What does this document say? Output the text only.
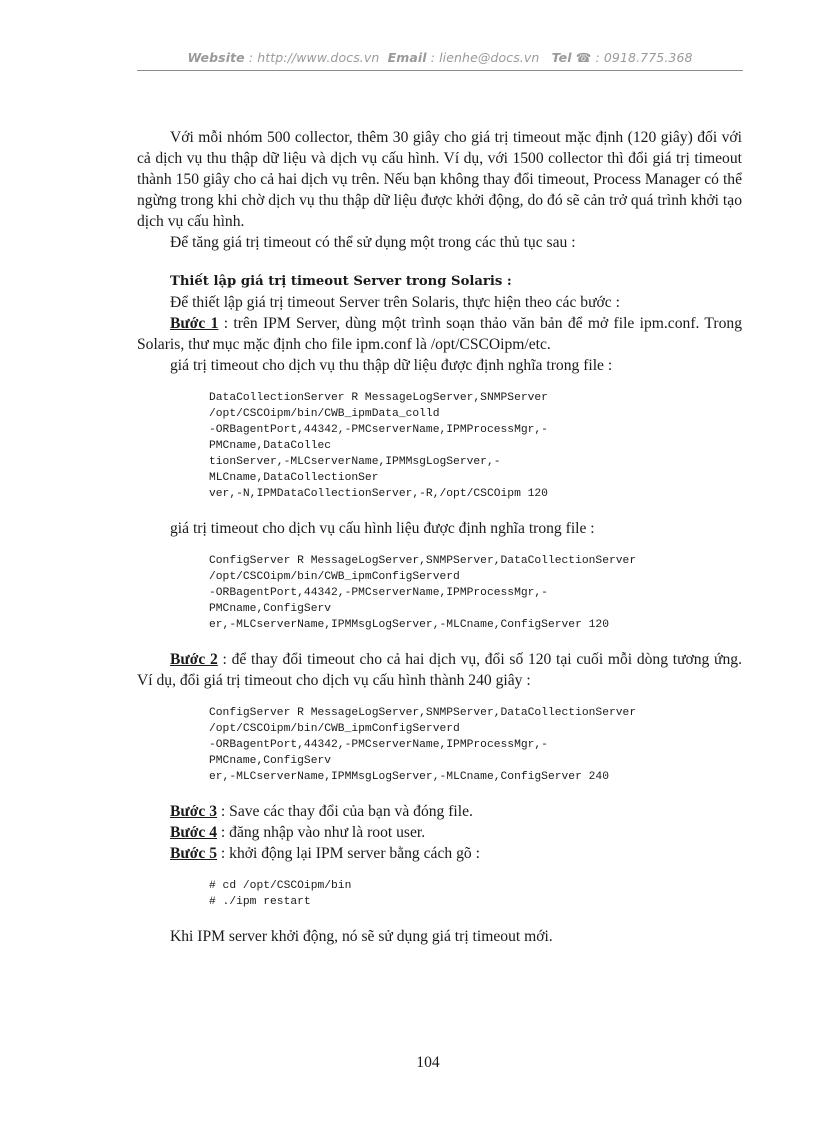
Website : http://www.docs.vn Email : lienhe@docs.vn Tel ☎ : 0918.775.368

Với mỗi nhóm 500 collector, thêm 30 giây cho giá trị timeout mặc định (120 giây) đối với cả dịch vụ thu thập dữ liệu và dịch vụ cấu hình. Ví dụ, với 1500 collector thì đổi giá trị timeout thành 150 giây cho cả hai dịch vụ trên. Nếu bạn không thay đổi timeout, Process Manager có thể ngừng trong khi chờ dịch vụ thu thập dữ liệu được khởi động, do đó sẽ cản trở quá trình khởi tạo dịch vụ cấu hình.

Để tăng giá trị timeout có thể sử dụng một trong các thủ tục sau :

Thiết lập giá trị timeout Server trong Solaris :

Để thiết lập giá trị timeout Server trên Solaris, thực hiện theo các bước :

Bước 1 : trên IPM Server, dùng một trình soạn thảo văn bản để mở file ipm.conf. Trong Solaris, thư mục mặc định cho file ipm.conf là /opt/CSCOipm/etc.

giá trị timeout cho dịch vụ thu thập dữ liệu được định nghĩa trong file :

DataCollectionServer R MessageLogServer,SNMPServer
/opt/CSCOipm/bin/CWB_ipmData_colld
-ORBagentPort,44342,-PMCserverName,IPMProcessMgr,-
PMCname,DataCollec
tionServer,-MLCserverName,IPMMsgLogServer,-
MLCname,DataCollectionSer
ver,-N,IPMDataCollectionServer,-R,/opt/CSCOipm 120

giá trị timeout cho dịch vụ cấu hình liệu được định nghĩa trong file :

ConfigServer R MessageLogServer,SNMPServer,DataCollectionServer
/opt/CSCOipm/bin/CWB_ipmConfigServerd
-ORBagentPort,44342,-PMCserverName,IPMProcessMgr,-
PMCname,ConfigServ
er,-MLCserverName,IPMMsgLogServer,-MLCname,ConfigServer 120

Bước 2 : để thay đổi timeout cho cả hai dịch vụ, đổi số 120 tại cuối mỗi dòng tương ứng. Ví dụ, đổi giá trị timeout cho dịch vụ cấu hình thành 240 giây :

ConfigServer R MessageLogServer,SNMPServer,DataCollectionServer
/opt/CSCOipm/bin/CWB_ipmConfigServerd
-ORBagentPort,44342,-PMCserverName,IPMProcessMgr,-
PMCname,ConfigServ
er,-MLCserverName,IPMMsgLogServer,-MLCname,ConfigServer 240

Bước 3 : Save các thay đổi của bạn và đóng file.

Bước 4 : đăng nhập vào như là root user.

Bước 5 : khởi động lại IPM server bằng cách gõ :

# cd /opt/CSCOipm/bin
# ./ipm restart

Khi IPM server khởi động, nó sẽ sử dụng giá trị timeout mới.

104
